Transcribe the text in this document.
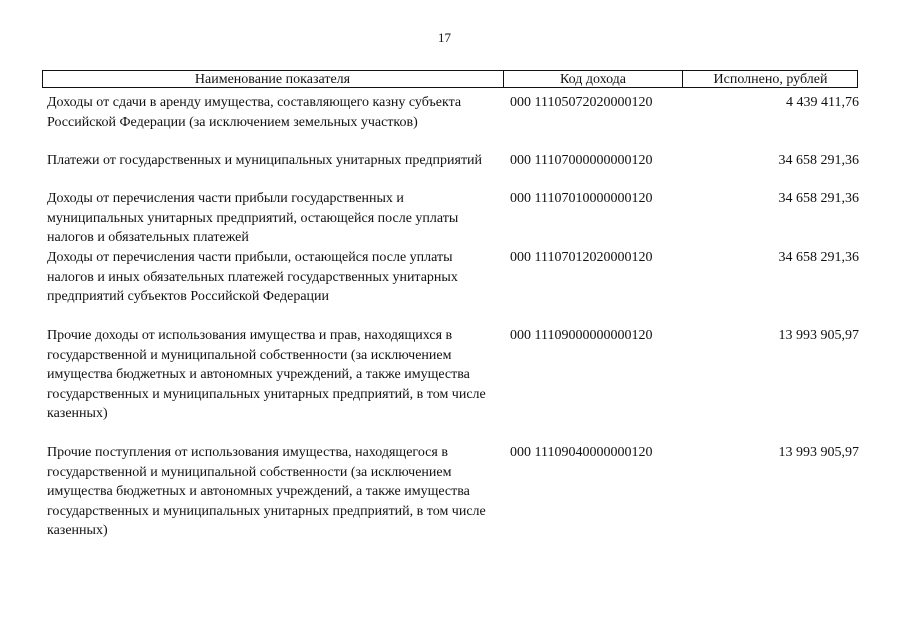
17
Наименование показателя	Код дохода	Исполнено, рублей
Доходы от сдачи в аренду имущества, составляющего казну субъекта Российской Федерации (за исключением земельных участков)
000 11105072020000120	4 439 411,76
Платежи от государственных и муниципальных унитарных предприятий	000 11107000000000120	34 658 291,36
Доходы от перечисления части прибыли государственных и муниципальных унитарных предприятий, остающейся после уплаты налогов и обязательных платежей
000 11107010000000120	34 658 291,36
Доходы от перечисления части прибыли, остающейся после уплаты налогов и иных обязательных платежей государственных унитарных предприятий субъектов Российской Федерации
000 11107012020000120	34 658 291,36
Прочие доходы от использования имущества и прав, находящихся в государственной и муниципальной собственности (за исключением имущества бюджетных и автономных учреждений, а также имущества государственных и муниципальных унитарных предприятий, в том числе казенных)
000 11109000000000120	13 993 905,97
Прочие поступления от использования имущества, находящегося в государственной и муниципальной собственности (за исключением имущества бюджетных и автономных учреждений, а также имущества государственных и муниципальных унитарных предприятий, в том числе казенных)
000 11109040000000120	13 993 905,97
